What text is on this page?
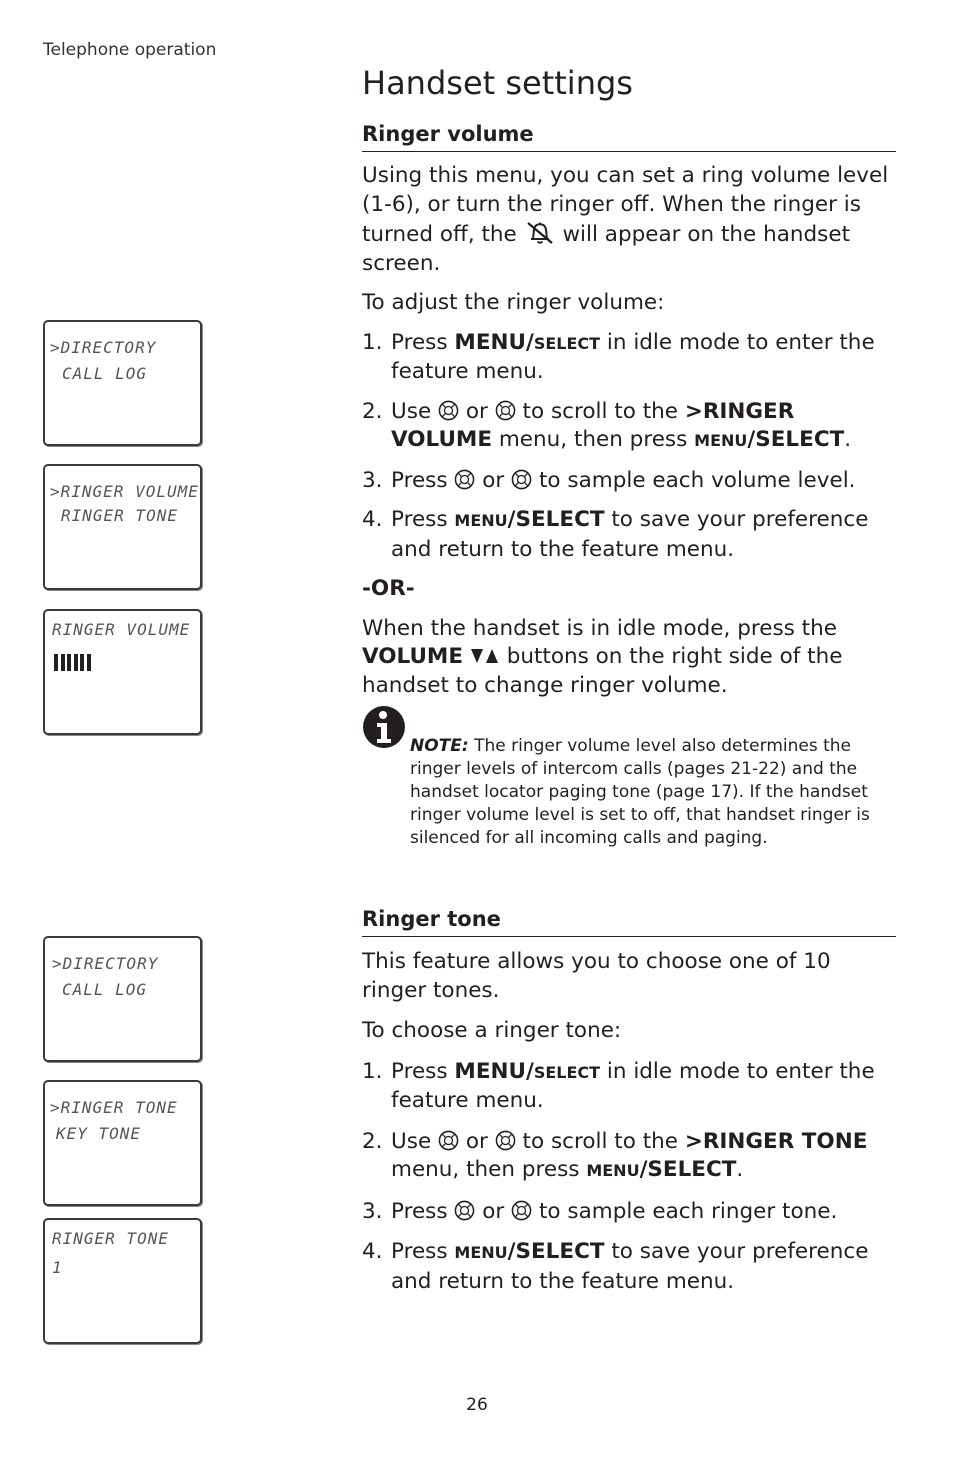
Telephone operation
Handset settings
Ringer volume

Using this menu, you can set a ring volume level (1-6), or turn the ringer off. When the ringer is turned off, the will appear on the handset screen.

To adjust the ringer volume:

1. Press MENU/SELECT in idle mode to enter the feature menu.

2. Use or to scroll to the >RINGER VOLUME menu, then press MENU/SELECT.

3. Press or to sample each volume level.

4. Press MENU/SELECT to save your preference and return to the feature menu.

-OR-

When the handset is in idle mode, press the VOLUME  buttons on the right side of the handset to change ringer volume.

NOTE: The ringer volume level also determines the ringer levels of intercom calls (pages 21-22) and the handset locator paging tone (page 17). If the handset ringer volume level is set to off, that handset ringer is silenced for all incoming calls and paging.
Ringer tone

This feature allows you to choose one of 10 ringer tones.

To choose a ringer tone:

1. Press MENU/SELECT in idle mode to enter the feature menu.

2. Use or to scroll to the >RINGER TONE menu, then press MENU/SELECT.

3. Press or to sample each ringer tone.

4. Press MENU/SELECT to save your preference and return to the feature menu.

>DIRECTORY
CALL LOG
>RINGER VOLUME
RINGER TONE
RINGER VOLUME
>DIRECTORY
CALL LOG
>RINGER TONE
KEY TONE
RINGER TONE
1
26
